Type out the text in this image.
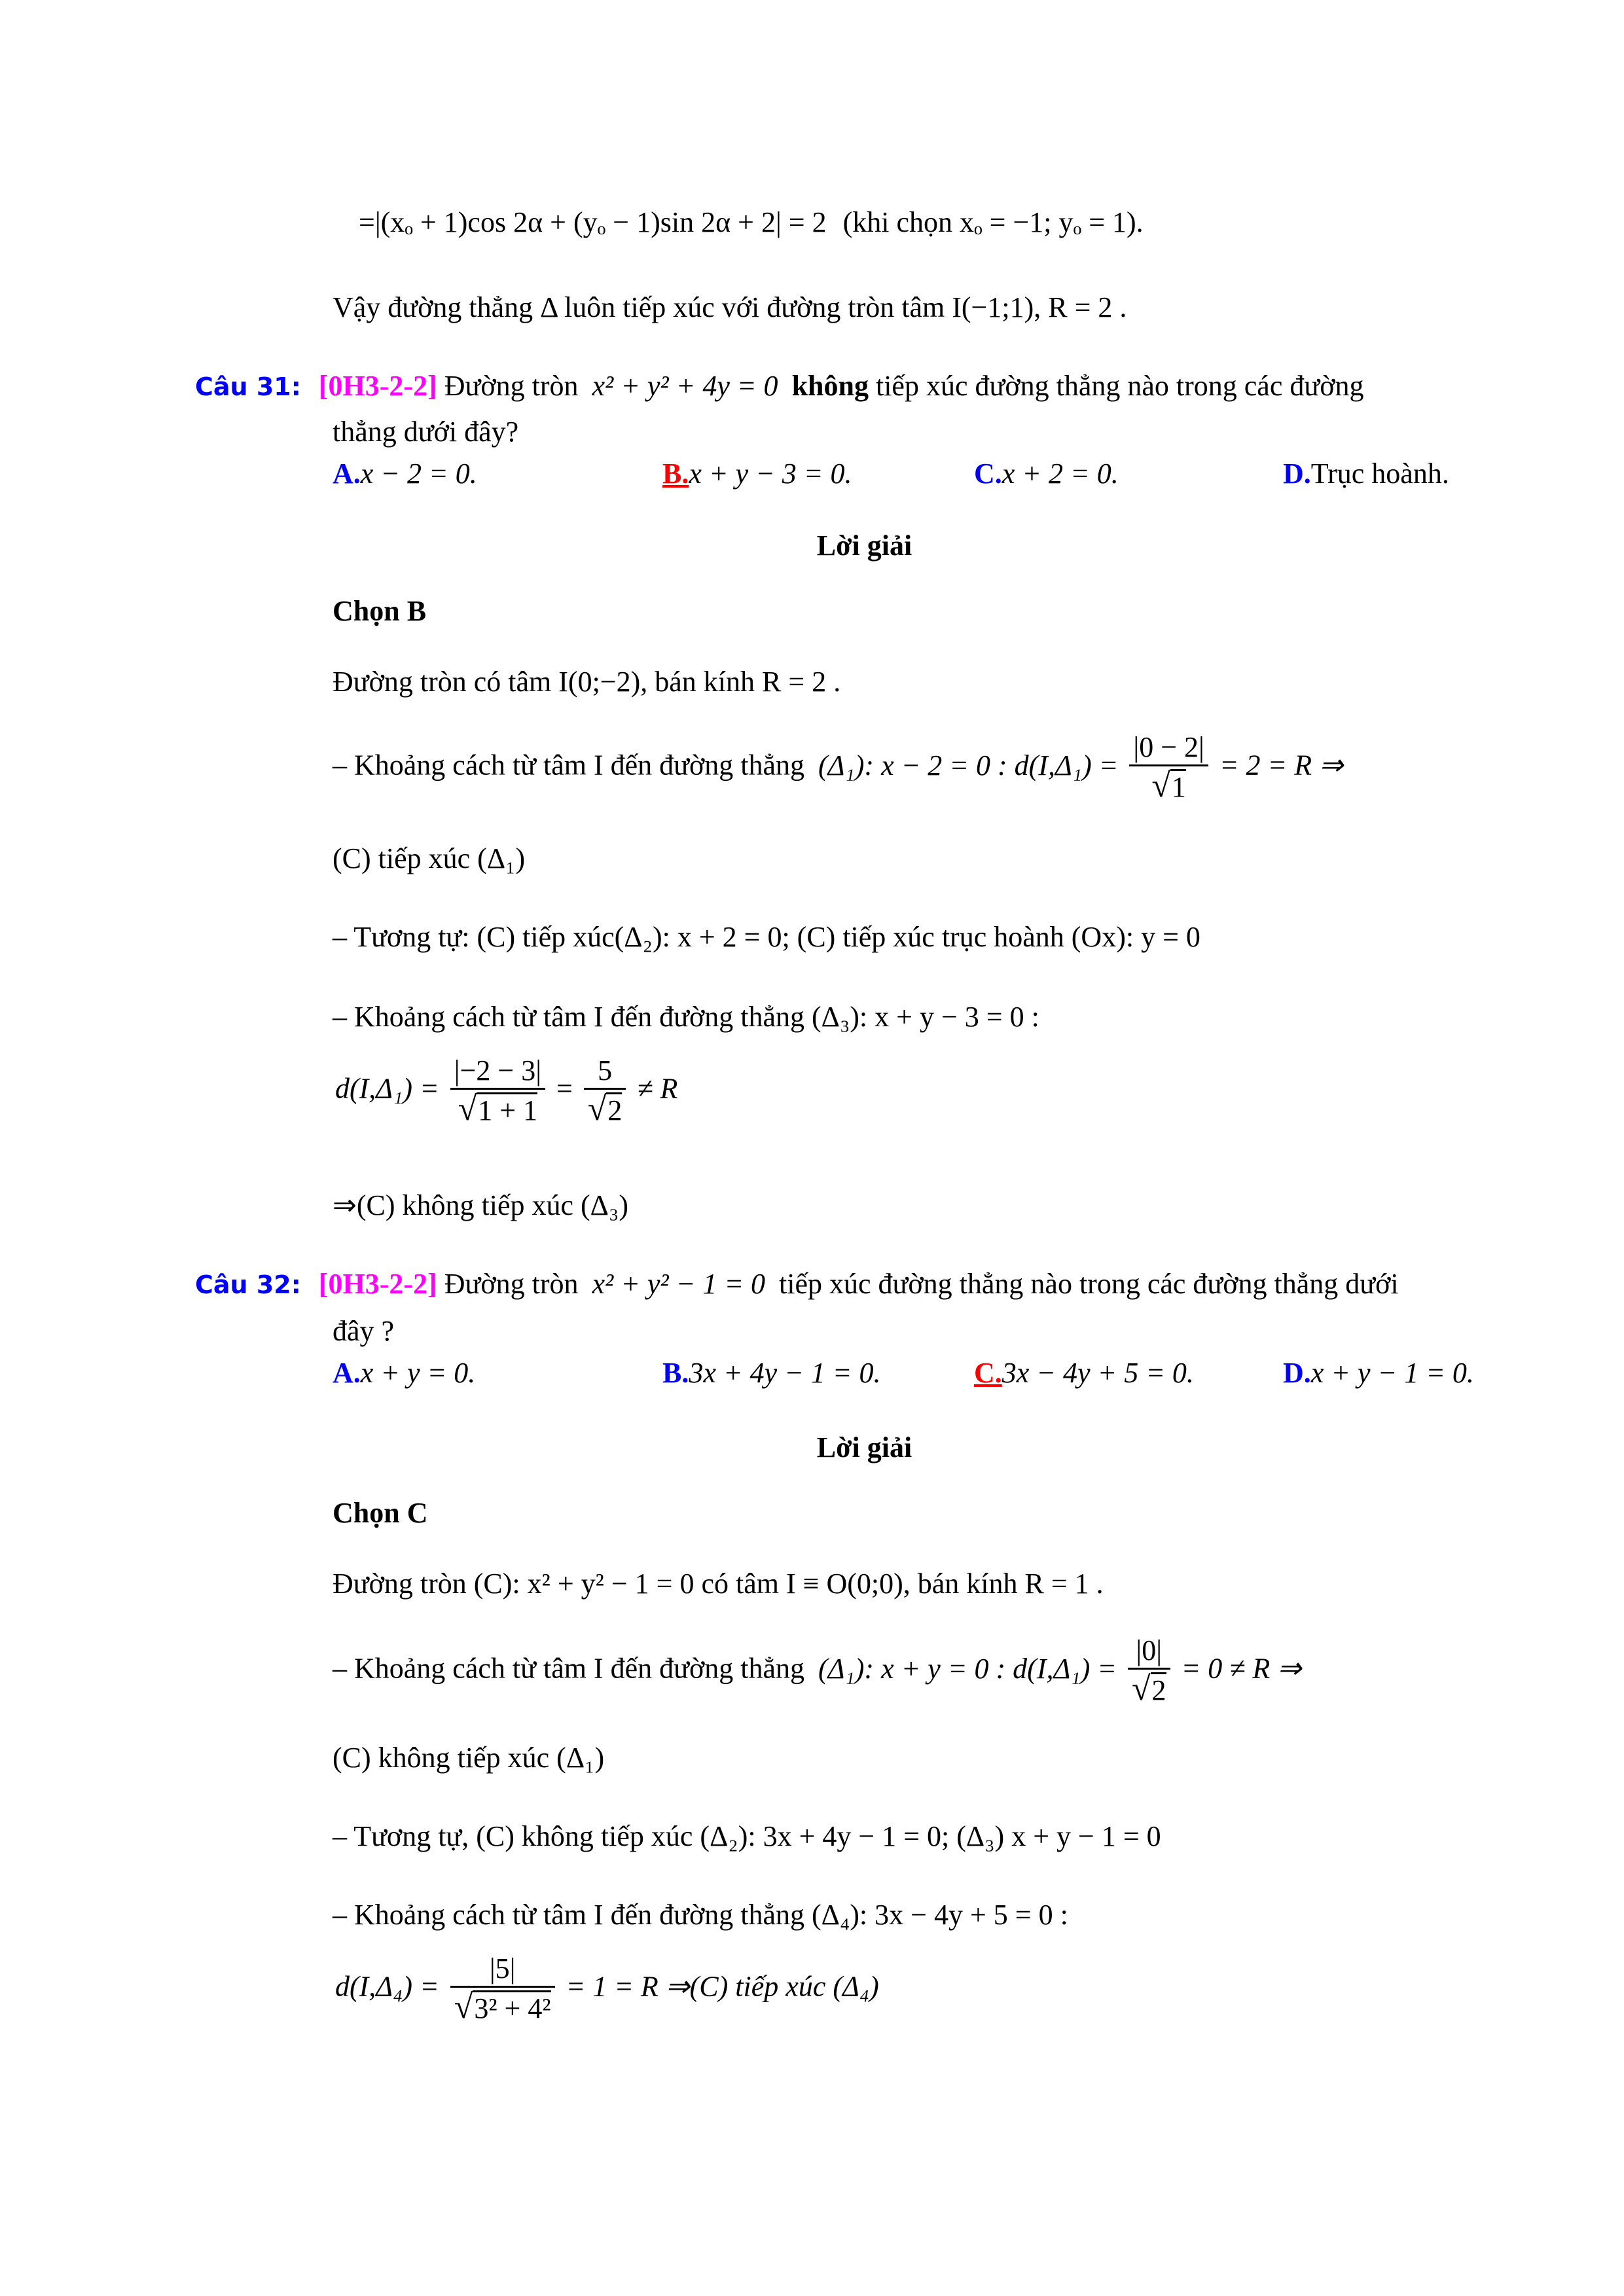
=|(xₒ + 1)cos 2α + (yₒ − 1)sin 2α + 2| = 2 (khi chọn xₒ = −1; yₒ = 1).
Vậy đường thẳng Δ luôn tiếp xúc với đường tròn tâm I(−1;1), R = 2 .
Câu 31: [0H3-2-2] Đường tròn x² + y² + 4y = 0 không tiếp xúc đường thẳng nào trong các đường
thẳng dưới đây?
A.x − 2 = 0.	B.x + y − 3 = 0.	C.x + 2 = 0.	D.Trục hoành.
Lời giải
Chọn B
Đường tròn có tâm I(0;−2), bán kính R = 2 .
– Khoảng cách từ tâm I đến đường thẳng (Δ₁): x − 2 = 0 : $d(I,\Delta_1) = \frac{|0 - 2|}{√1} = 2 = R$ ⇒
(C) tiếp xúc (Δ₁)
– Tương tự: (C) tiếp xúc(Δ₂): x + 2 = 0; (C) tiếp xúc trục hoành (Ox): y = 0
– Khoảng cách từ tâm I đến đường thẳng (Δ₃): x + y − 3 = 0 :
$d(I,\Delta_1) = \frac{|-2 - 3|}{√1 + 1} = \frac{5}{√2} \ne R$
⇒(C) không tiếp xúc (Δ₃)
Câu 32: [0H3-2-2] Đường tròn x² + y² − 1 = 0 tiếp xúc đường thẳng nào trong các đường thẳng dưới
đây ?
A.x + y = 0.	B.3x + 4y − 1 = 0.	C.3x − 4y + 5 = 0.	D.x + y − 1 = 0.
Lời giải
Chọn C
Đường tròn (C): x² + y² − 1 = 0 có tâm I ≡ O(0;0), bán kính R = 1 .
– Khoảng cách từ tâm I đến đường thẳng (Δ₁): x + y = 0 : $d(I,\Delta_1) = \frac{|0|}{√2} = 0 \ne R$ ⇒
(C) không tiếp xúc (Δ₁)
– Tương tự, (C) không tiếp xúc (Δ₂): 3x + 4y − 1 = 0; (Δ₃) x + y − 1 = 0
– Khoảng cách từ tâm I đến đường thẳng (Δ₄): 3x − 4y + 5 = 0 :
$d(I,\Delta_4) = \frac{|5|}{\text{√3² + 4²}} = 1 = R$ ⇒(C) tiếp xúc (Δ₄)
